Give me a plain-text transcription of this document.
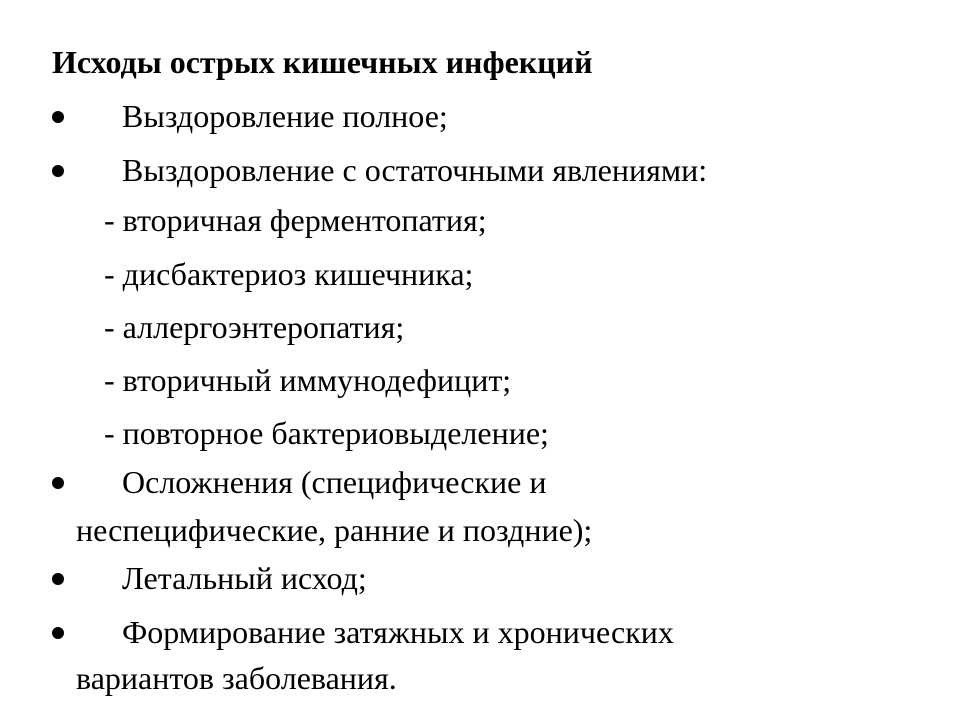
Исходы острых кишечных инфекций
Выздоровление полное;
Выздоровление с остаточными явлениями:
- вторичная ферментопатия;
- дисбактериоз кишечника;
- аллергоэнтеропатия;
- вторичный иммунодефицит;
- повторное бактериовыделение;
Осложнения (специфические и
неспецифические, ранние и поздние);
Летальный исход;
Формирование затяжных и хронических
вариантов заболевания.
